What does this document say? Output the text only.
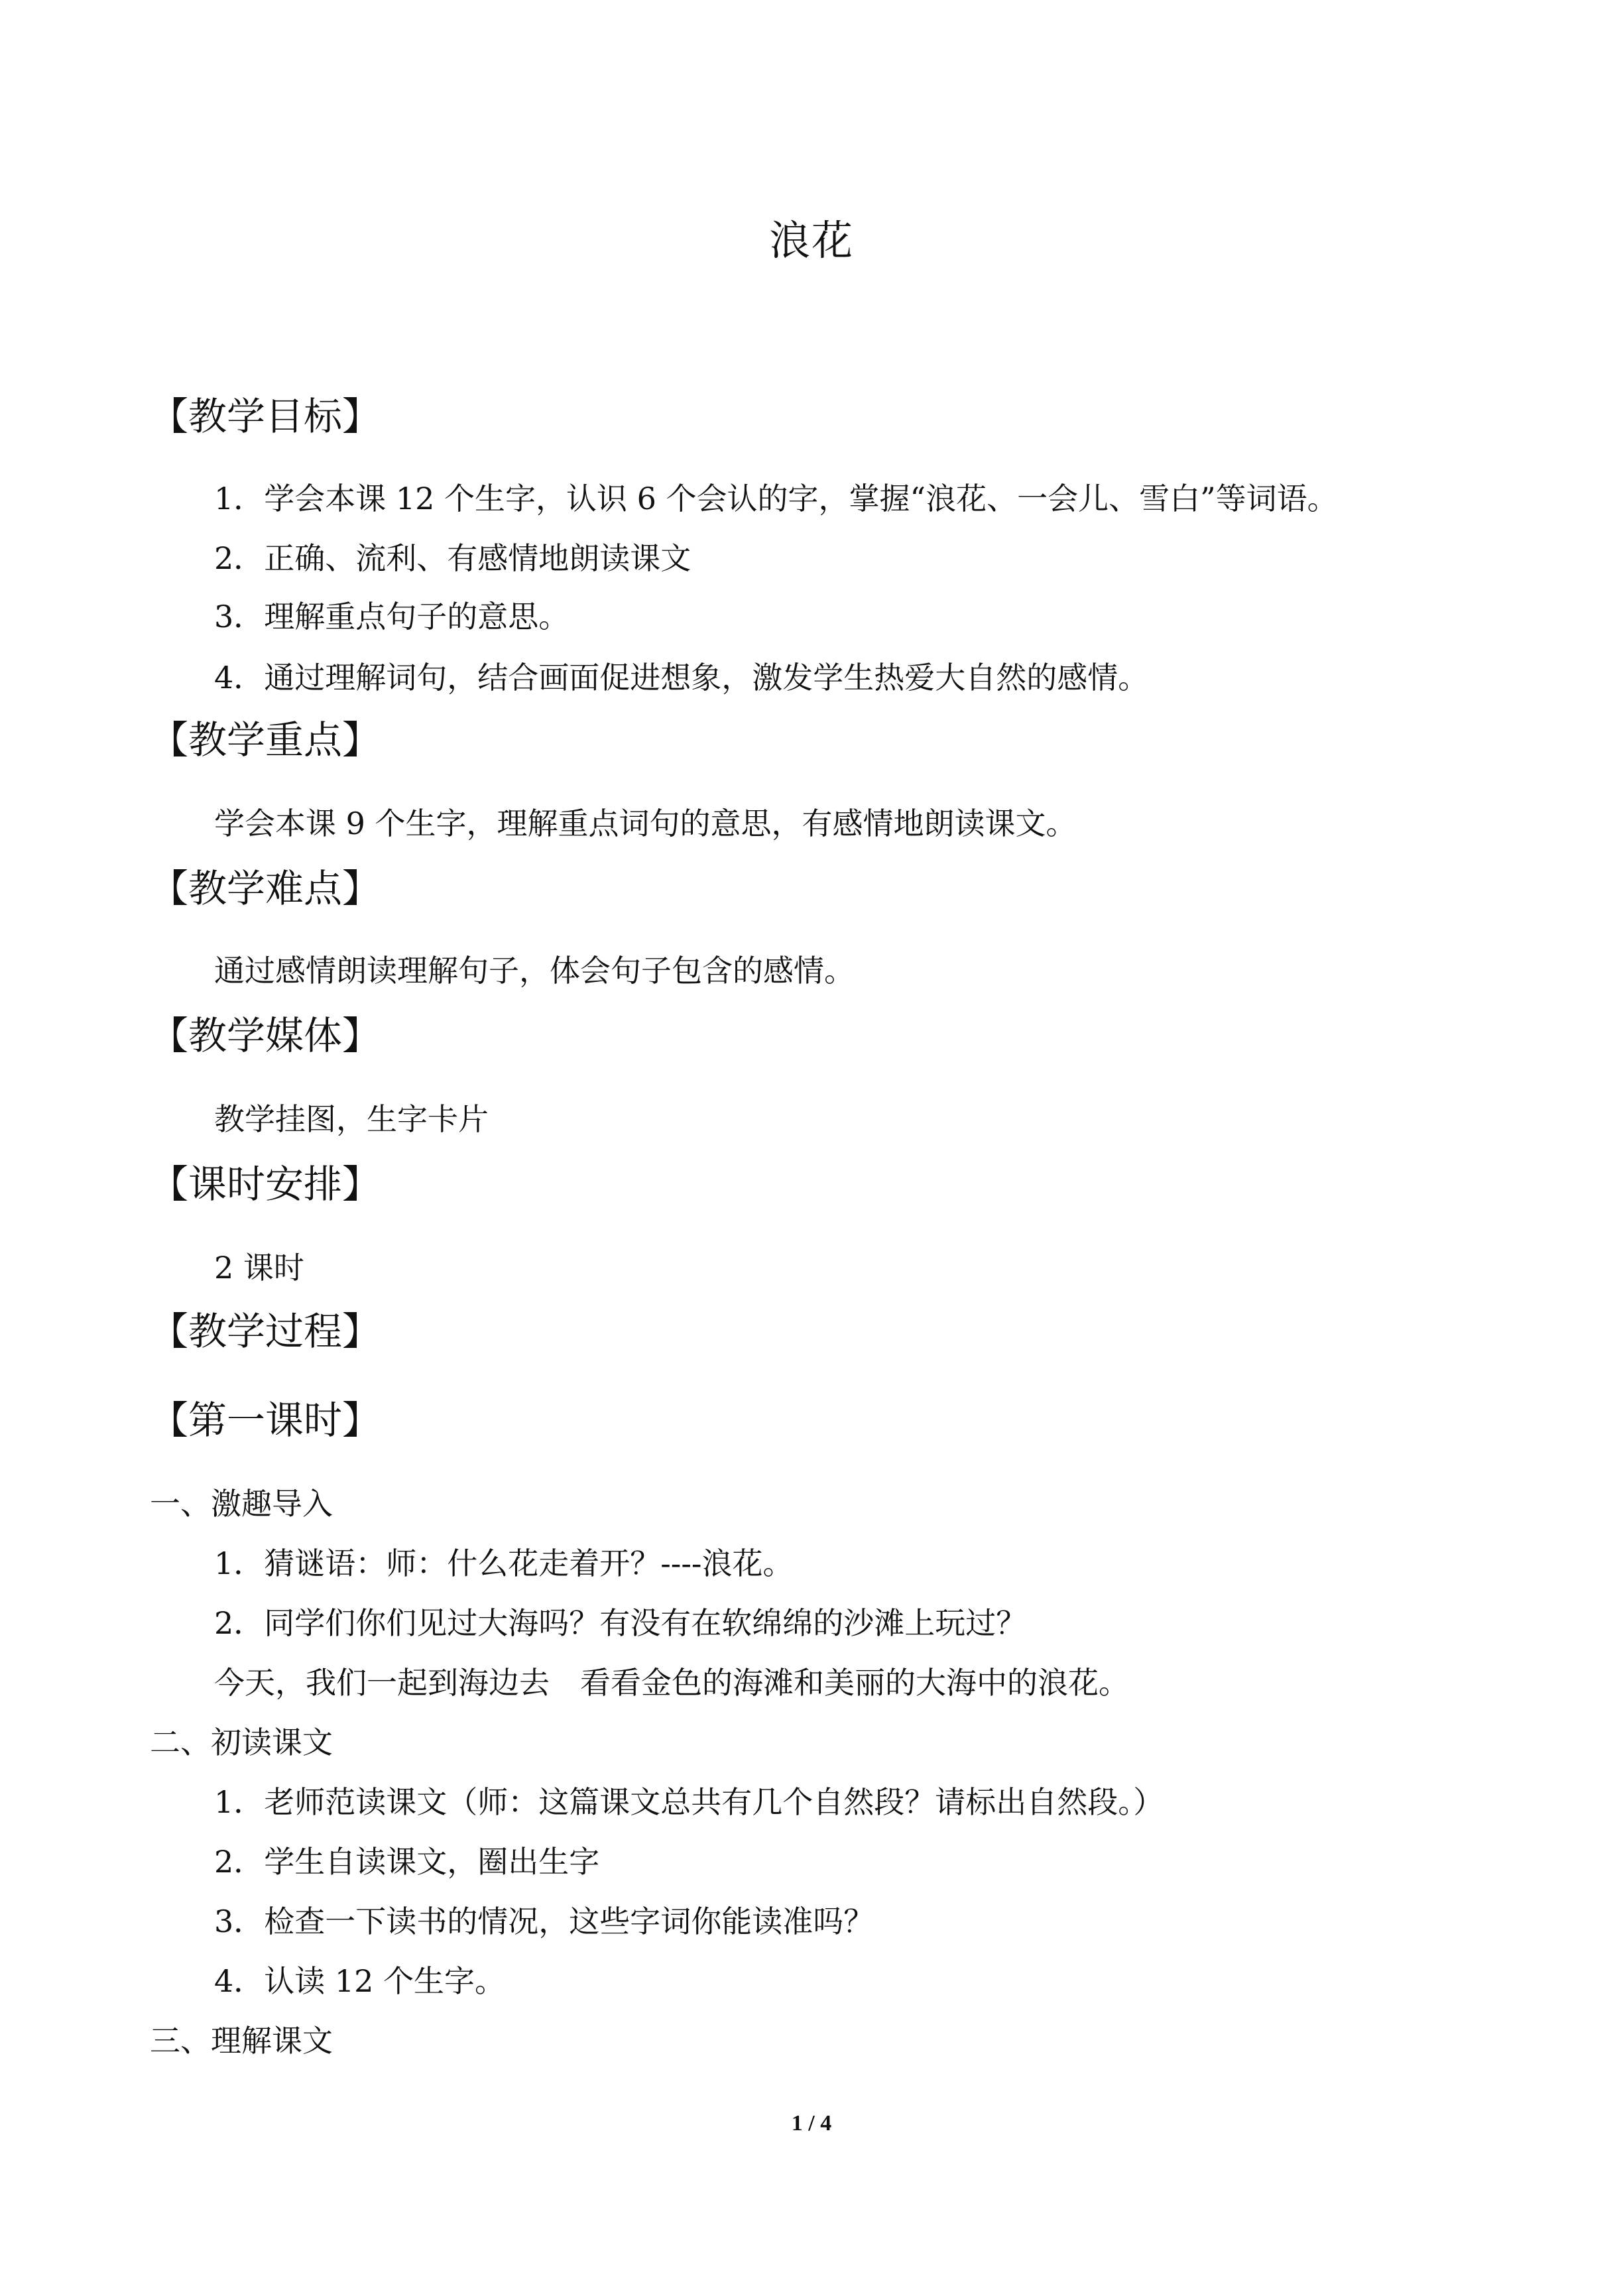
浪花
【教学目标】
1．学会本课 12 个生字，认识 6 个会认的字，掌握“浪花、一会儿、雪白”等词语。
2．正确、流利、有感情地朗读课文
3．理解重点句子的意思。
4．通过理解词句，结合画面促进想象，激发学生热爱大自然的感情。
【教学重点】
学会本课 9 个生字，理解重点词句的意思，有感情地朗读课文。
【教学难点】
通过感情朗读理解句子，体会句子包含的感情。
【教学媒体】
教学挂图，生字卡片
【课时安排】
2 课时
【教学过程】
【第一课时】
一、激趣导入
1．猜谜语：师：什么花走着开？----浪花。
2．同学们你们见过大海吗？有没有在软绵绵的沙滩上玩过？
今天，我们一起到海边去　看看金色的海滩和美丽的大海中的浪花。
二、初读课文
1．老师范读课文（师：这篇课文总共有几个自然段？请标出自然段。）
2．学生自读课文，圈出生字
3．检查一下读书的情况，这些字词你能读准吗？
4．认读 12 个生字。
三、理解课文
1 / 4
